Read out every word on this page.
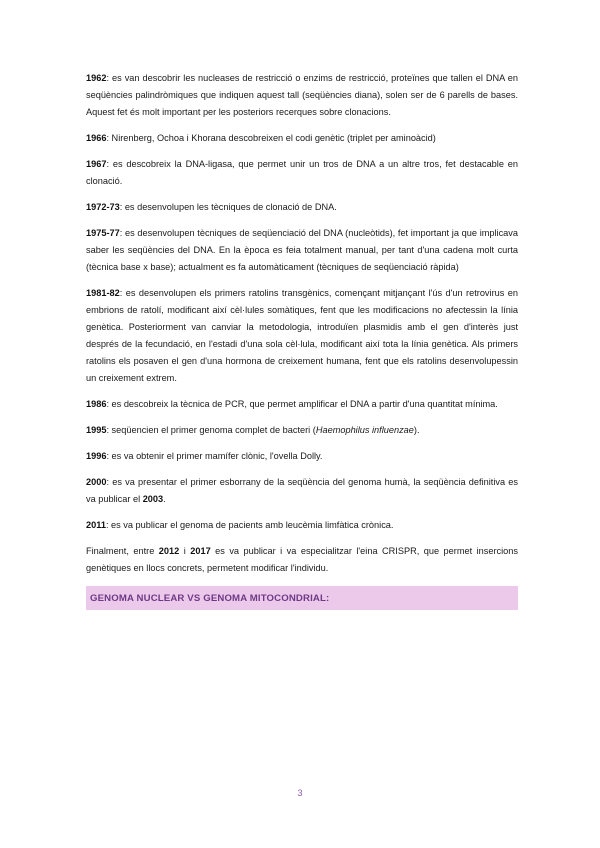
1962: es van descobrir les nucleases de restricció o enzims de restricció, proteïnes que tallen el DNA en seqüències palindròmiques que indiquen aquest tall (seqüències diana), solen ser de 6 parells de bases. Aquest fet és molt important per les posteriors recerques sobre clonacions.

1966: Nirenberg, Ochoa i Khorana descobreixen el codi genètic (triplet per aminoàcid)

1967: es descobreix la DNA-ligasa, que permet unir un tros de DNA a un altre tros, fet destacable en clonació.

1972-73: es desenvolupen les tècniques de clonació de DNA.

1975-77: es desenvolupen tècniques de seqüenciació del DNA (nucleòtids), fet important ja que implicava saber les seqüències del DNA. En la època es feia totalment manual, per tant d'una cadena molt curta (tècnica base x base); actualment es fa automàticament (tècniques de seqüenciació ràpida)

1981-82: es desenvolupen els primers ratolins transgènics, començant mitjançant l'ús d'un retrovirus en embrions de ratolí, modificant així cèl·lules somàtiques, fent que les modificacions no afectessin la línia genètica. Posteriorment van canviar la metodologia, introduïen plasmidis amb el gen d'interès just després de la fecundació, en l'estadi d'una sola cèl·lula, modificant així tota la línia genètica. Als primers ratolins els posaven el gen d'una hormona de creixement humana, fent que els ratolins desenvolupessin un creixement extrem.

1986: es descobreix la tècnica de PCR, que permet amplificar el DNA a partir d'una quantitat mínima.

1995: seqüencien el primer genoma complet de bacteri (Haemophilus influenzae).

1996: es va obtenir el primer mamífer clònic, l'ovella Dolly.

2000: es va presentar el primer esborrany de la seqüència del genoma humà, la seqüència definitiva es va publicar el 2003.

2011: es va publicar el genoma de pacients amb leucèmia limfàtica crònica.

Finalment, entre 2012 i 2017 es va publicar i va especialitzar l'eina CRISPR, que permet insercions genètiques en llocs concrets, permetent modificar l'individu.

GENOMA NUCLEAR VS GENOMA MITOCONDRIAL:
3
